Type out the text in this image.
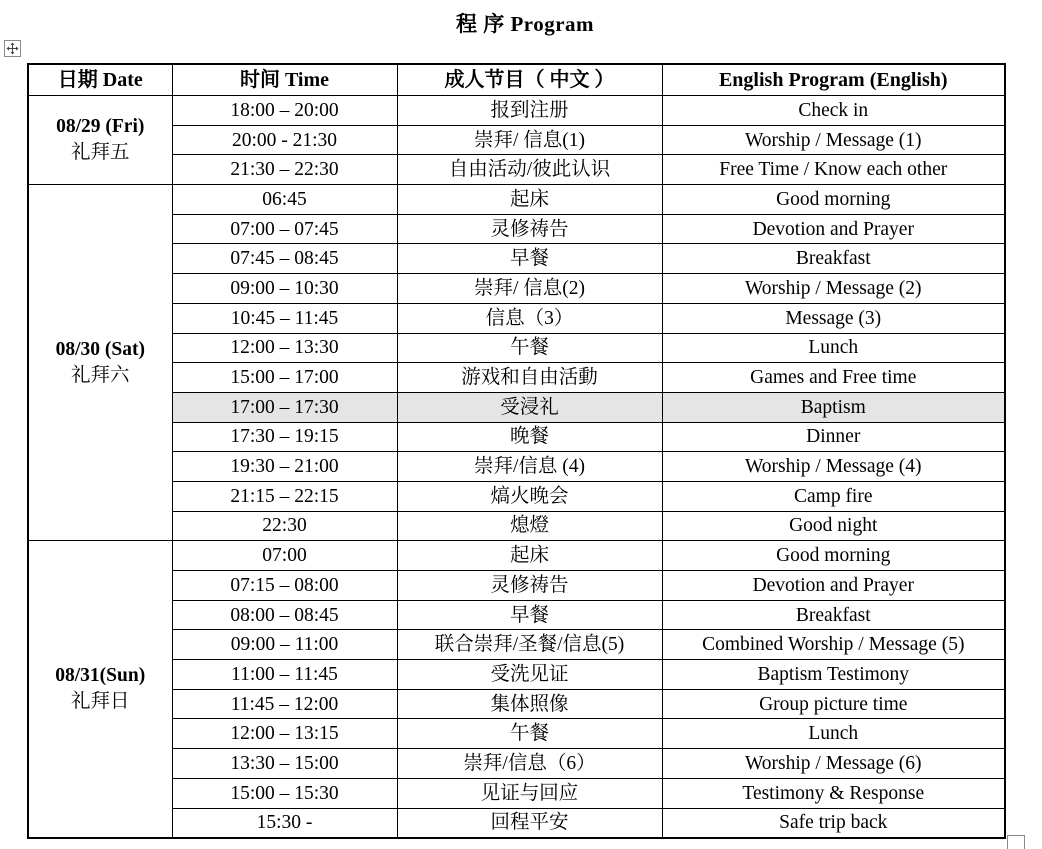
程 序 Program
日期 Date	时间 Time	成人节目（ 中文 ）	English Program (English)

08/29 (Fri)
礼拜五	18:00 – 20:00	报到注册	Check in
	20:00 - 21:30	崇拜/ 信息(1)	Worship / Message (1)
	21:30 – 22:30	自由活动/彼此认识	Free Time / Know each other

08/30 (Sat)
礼拜六	06:45	起床	Good morning
	07:00 – 07:45	灵修祷告	Devotion and Prayer
	07:45 – 08:45	早餐	Breakfast
	09:00 – 10:30	崇拜/ 信息(2)	Worship / Message (2)
	10:45 – 11:45	信息（3）	Message (3)
	12:00 – 13:30	午餐	Lunch
	15:00 – 17:00	游戏和自由活動	Games and Free time
	17:00 – 17:30	受浸礼	Baptism
	17:30 – 19:15	晚餐	Dinner
	19:30 – 21:00	崇拜/信息 (4)	Worship / Message (4)
	21:15 – 22:15	熇火晚会	Camp fire
	22:30	熄燈	Good night

08/31(Sun)
礼拜日	07:00	起床	Good morning
	07:15 – 08:00	灵修祷告	Devotion and Prayer
	08:00 – 08:45	早餐	Breakfast
	09:00 – 11:00	联合崇拜/圣餐/信息(5)	Combined Worship / Message (5)
	11:00 – 11:45	受洗见证	Baptism Testimony
	11:45 – 12:00	集体照像	Group picture time
	12:00 – 13:15	午餐	Lunch
	13:30 – 15:00	崇拜/信息（6）	Worship / Message (6)
	15:00 – 15:30	见证与回应	Testimony & Response
	15:30 -	回程平安	Safe trip back
